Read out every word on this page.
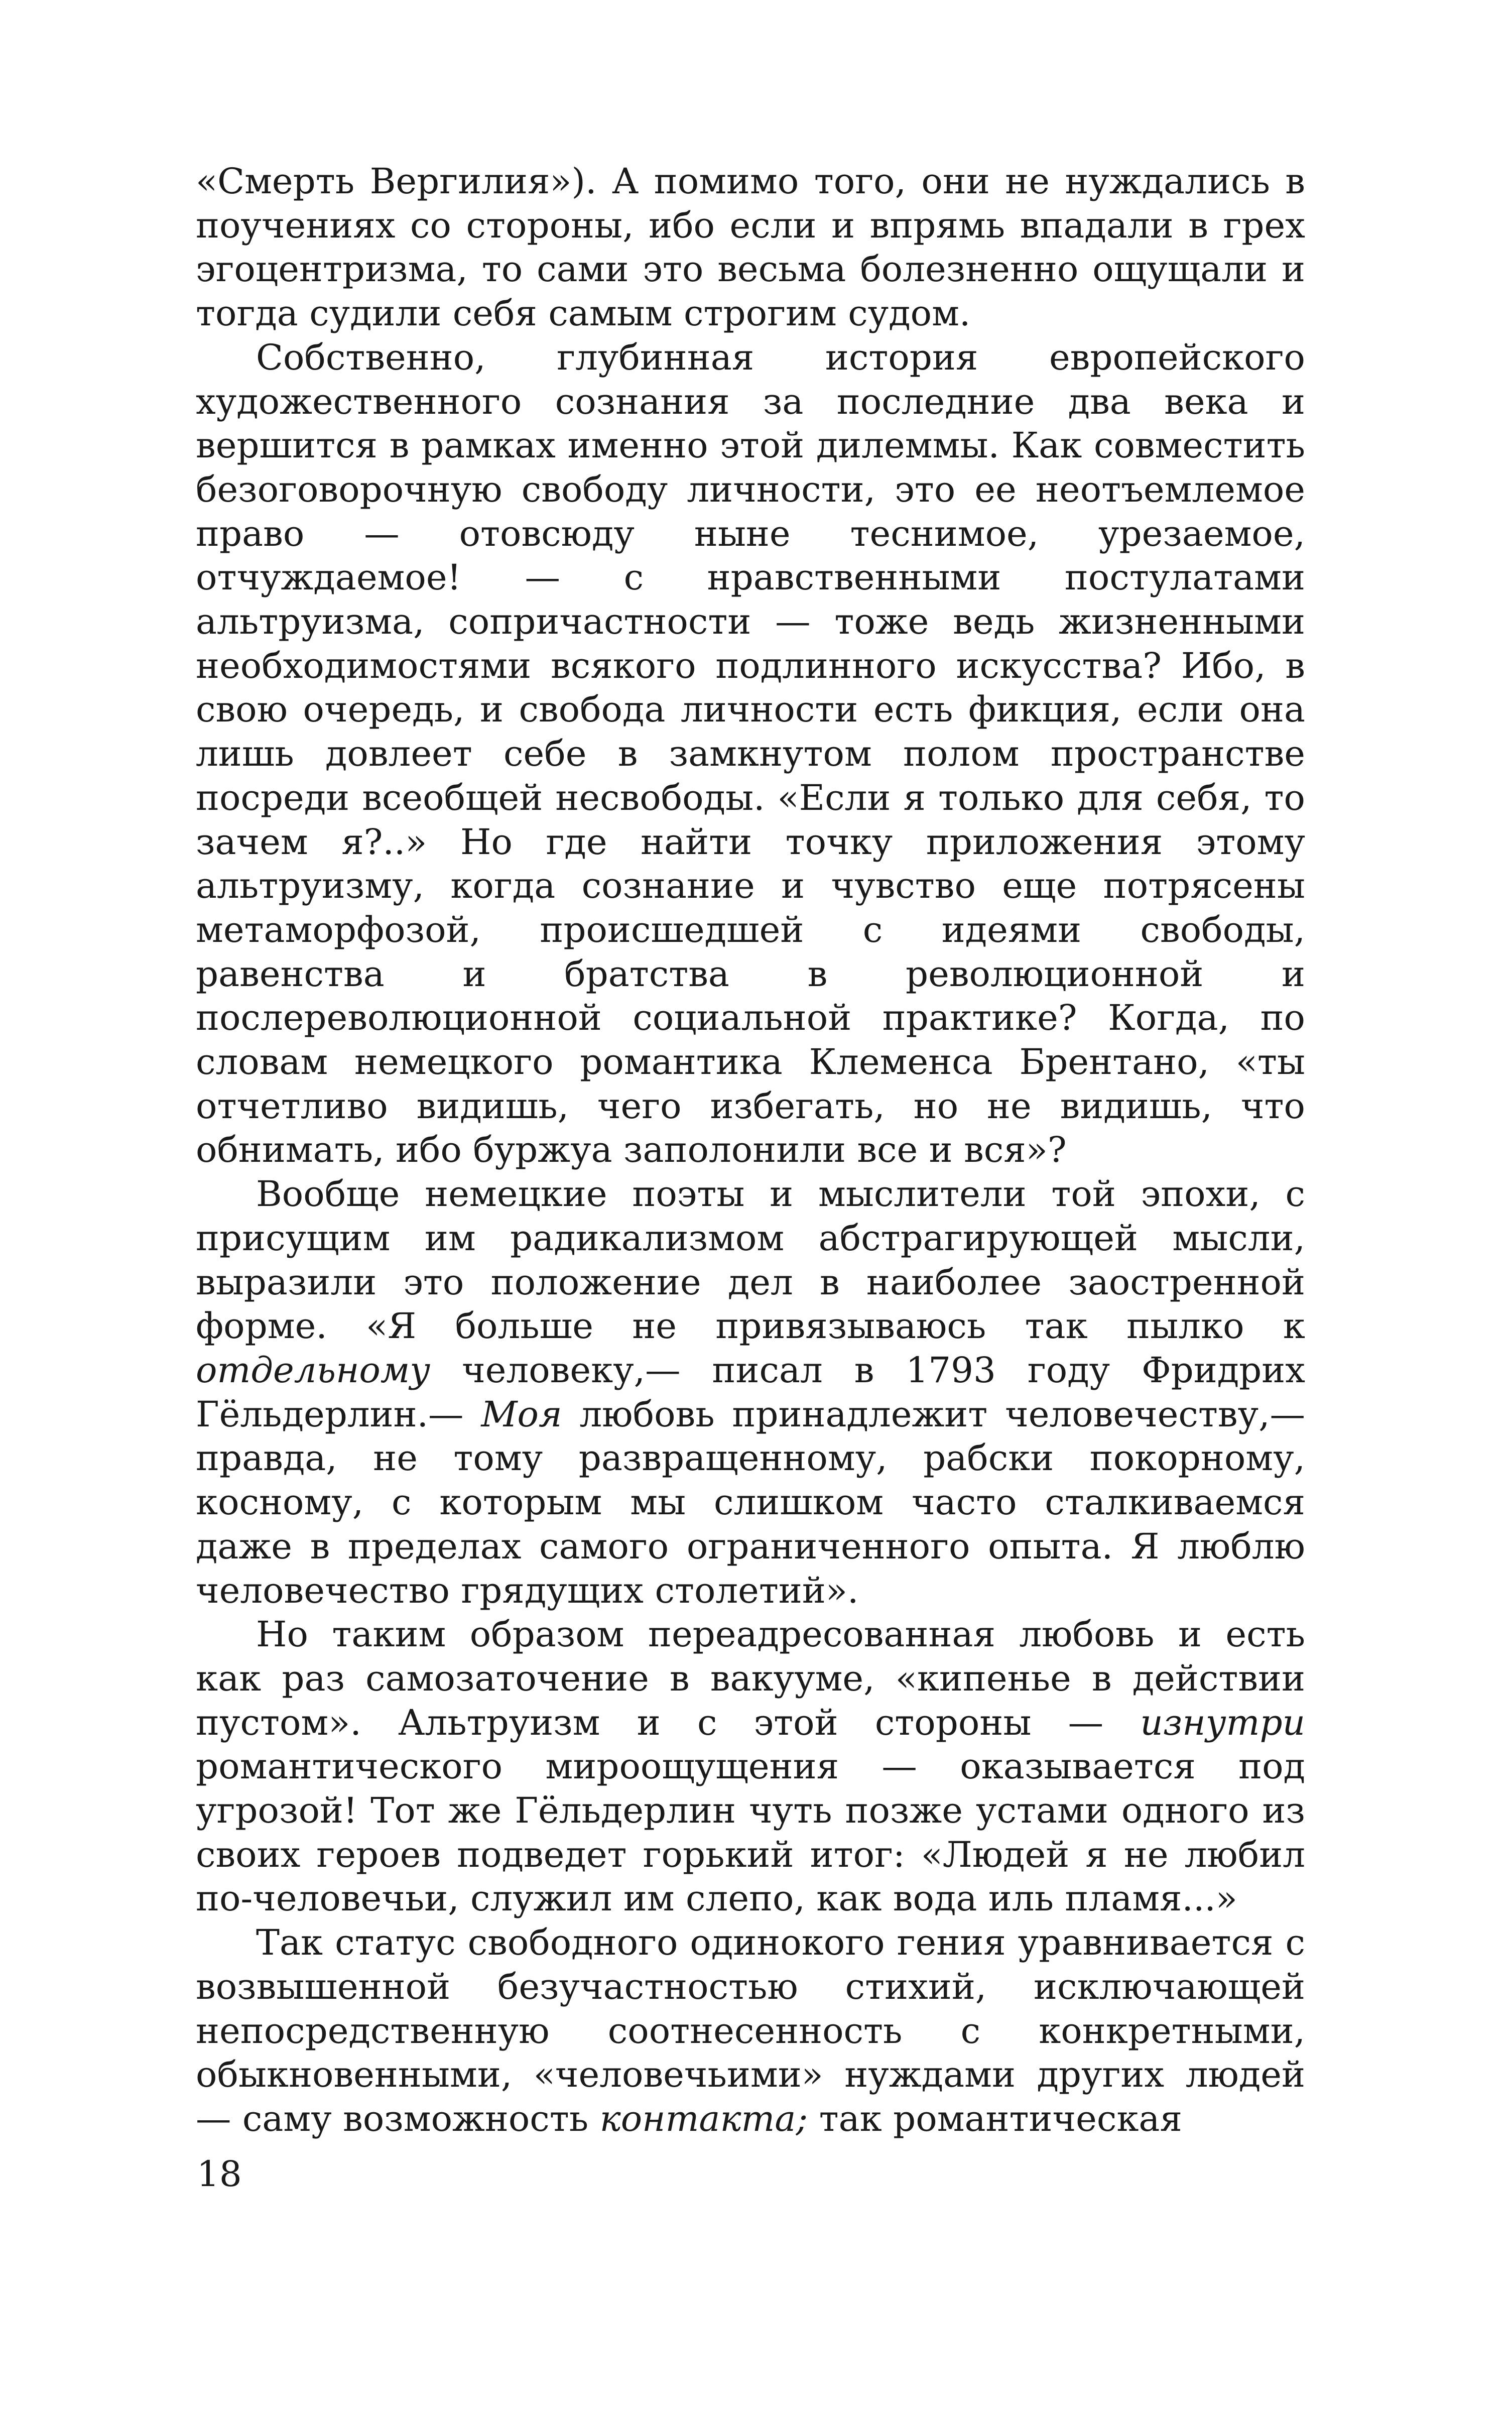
«Смерть Вергилия»). А помимо того, они не нуждались в поучениях со стороны, ибо если и впрямь впадали в грех эгоцентризма, то сами это весьма болезненно ощущали и тогда судили себя самым строгим судом.

Собственно, глубинная история европейского художественного сознания за последние два века и вершится в рамках именно этой дилеммы. Как совместить безоговорочную свободу личности, это ее неотъемлемое право — отовсюду ныне теснимое, урезаемое, отчуждаемое! — с нравственными постулатами альтруизма, сопричастности — тоже ведь жизненными необходимостями всякого подлинного искусства? Ибо, в свою очередь, и свобода личности есть фикция, если она лишь довлеет себе в замкнутом полом пространстве посреди всеобщей несвободы. «Если я только для себя, то зачем я?..» Но где найти точку приложения этому альтруизму, когда сознание и чувство еще потрясены метаморфозой, происшедшей с идеями свободы, равенства и братства в революционной и послереволюционной социальной практике? Когда, по словам немецкого романтика Клеменса Брентано, «ты отчетливо видишь, чего избегать, но не видишь, что обнимать, ибо буржуа заполонили все и вся»?

Вообще немецкие поэты и мыслители той эпохи, с присущим им радикализмом абстрагирующей мысли, выразили это положение дел в наиболее заостренной форме. «Я больше не привязываюсь так пылко к отдельному человеку,— писал в 1793 году Фридрих Гёльдерлин.— Моя любовь принадлежит человечеству,— правда, не тому развращенному, рабски покорному, косному, с которым мы слишком часто сталкиваемся даже в пределах самого ограниченного опыта. Я люблю человечество грядущих столетий».

Но таким образом переадресованная любовь и есть как раз самозаточение в вакууме, «кипенье в действии пустом». Альтруизм и с этой стороны — изнутри романтического мироощущения — оказывается под угрозой! Тот же Гёльдерлин чуть позже устами одного из своих героев подведет горький итог: «Людей я не любил по-человечьи, служил им слепо, как вода иль пламя...»

Так статус свободного одинокого гения уравнивается с возвышенной безучастностью стихий, исключающей непосредственную соотнесенность с конкретными, обыкновенными, «человечьими» нуждами других людей — саму возможность контакта; так романтическая

18
